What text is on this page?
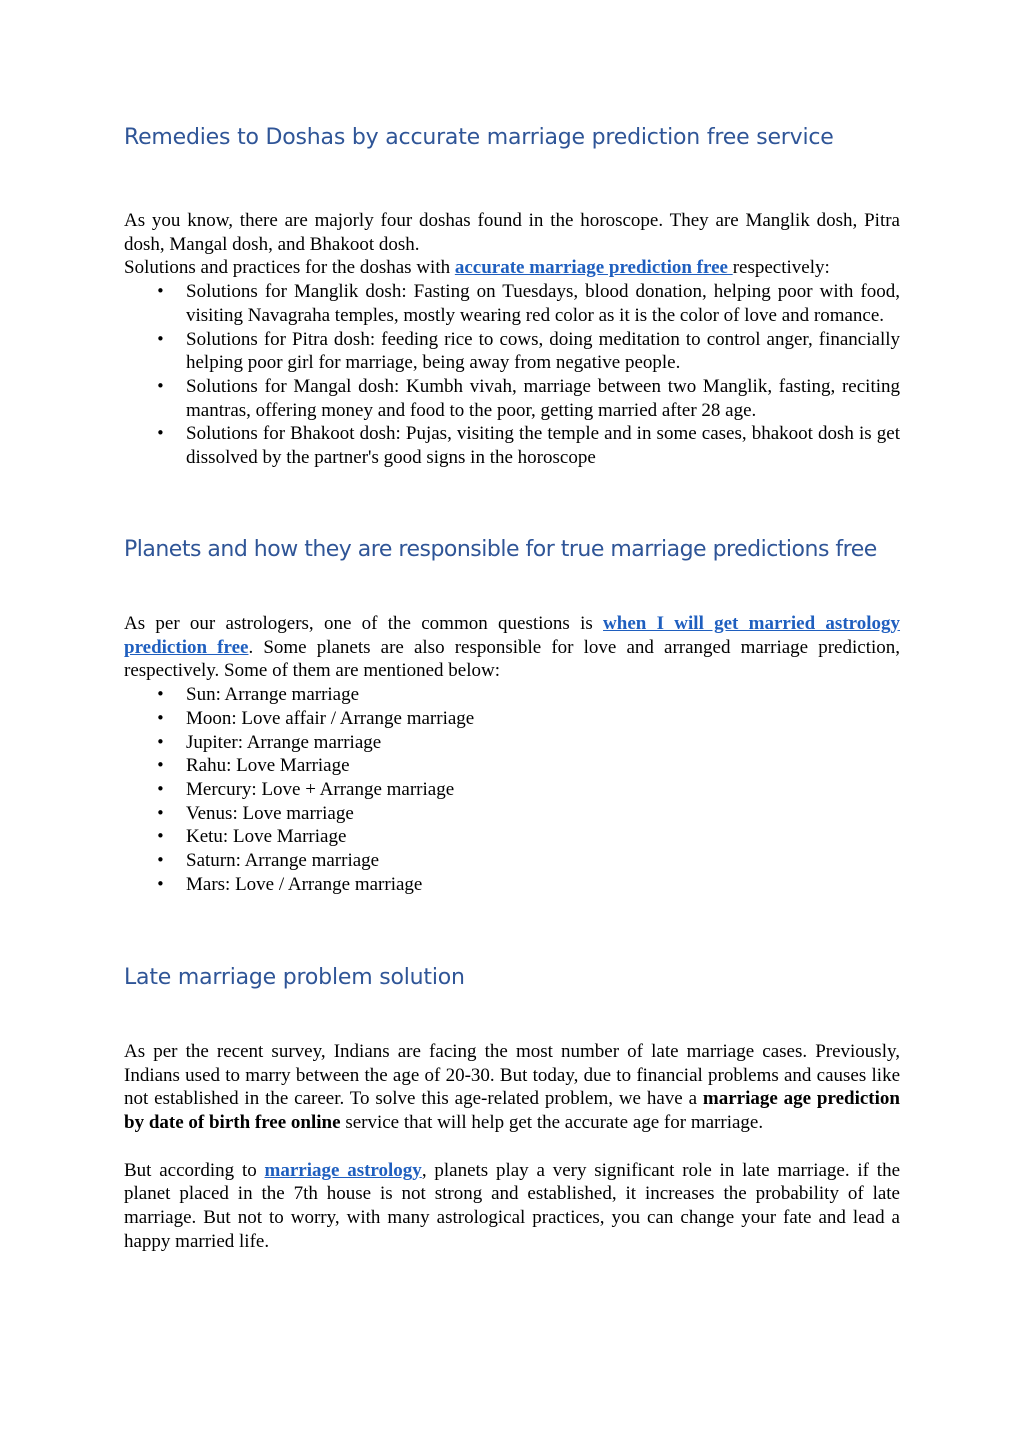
Remedies to Doshas by accurate marriage prediction free service

As you know, there are majorly four doshas found in the horoscope. They are Manglik dosh, Pitra dosh, Mangal dosh, and Bhakoot dosh.

Solutions and practices for the doshas with accurate marriage prediction free respectively:

• Solutions for Manglik dosh: Fasting on Tuesdays, blood donation, helping poor with food, visiting Navagraha temples, mostly wearing red color as it is the color of love and romance.
• Solutions for Pitra dosh: feeding rice to cows, doing meditation to control anger, financially helping poor girl for marriage, being away from negative people.
• Solutions for Mangal dosh: Kumbh vivah, marriage between two Manglik, fasting, reciting mantras, offering money and food to the poor, getting married after 28 age.
• Solutions for Bhakoot dosh: Pujas, visiting the temple and in some cases, bhakoot dosh is get dissolved by the partner's good signs in the horoscope
Planets and how they are responsible for true marriage predictions free

As per our astrologers, one of the common questions is when I will get married astrology prediction free. Some planets are also responsible for love and arranged marriage prediction, respectively. Some of them are mentioned below:

• Sun: Arrange marriage
• Moon: Love affair / Arrange marriage
• Jupiter: Arrange marriage
• Rahu: Love Marriage
• Mercury: Love + Arrange marriage
• Venus: Love marriage
• Ketu: Love Marriage
• Saturn: Arrange marriage
• Mars: Love / Arrange marriage
Late marriage problem solution

As per the recent survey, Indians are facing the most number of late marriage cases. Previously, Indians used to marry between the age of 20-30. But today, due to financial problems and causes like not established in the career. To solve this age-related problem, we have a marriage age prediction by date of birth free online service that will help get the accurate age for marriage.

But according to marriage astrology, planets play a very significant role in late marriage. if the planet placed in the 7th house is not strong and established, it increases the probability of late marriage. But not to worry, with many astrological practices, you can change your fate and lead a happy married life.
